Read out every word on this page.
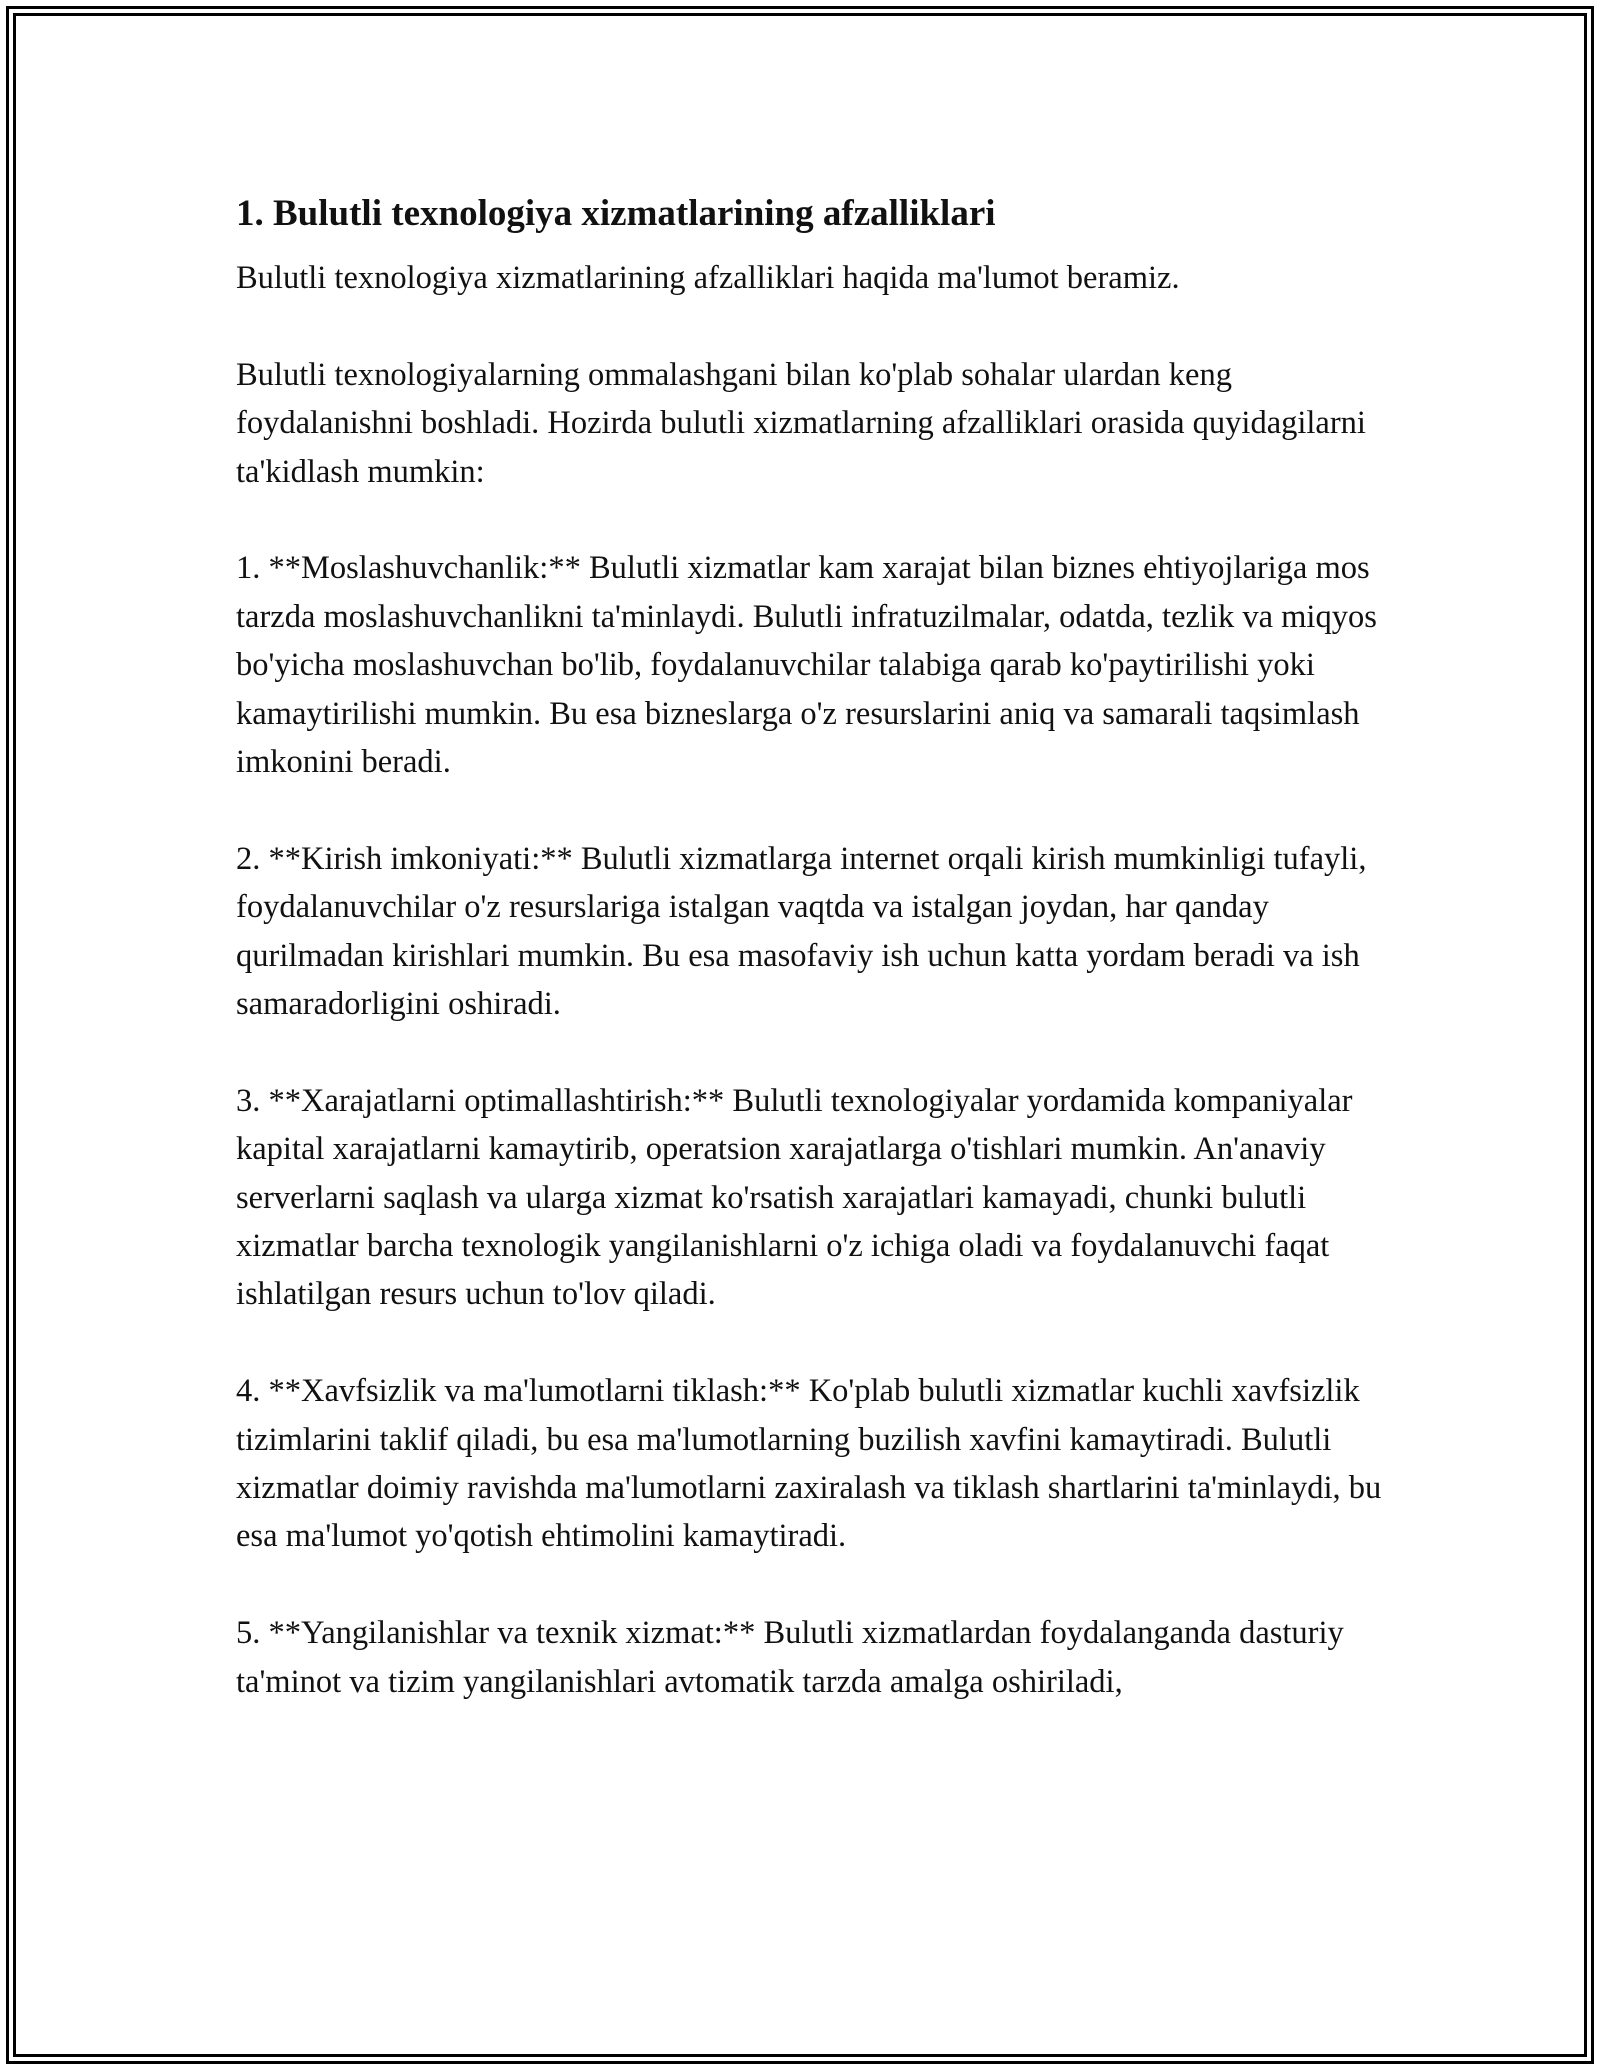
1. Bulutli texnologiya xizmatlarining afzalliklari

Bulutli texnologiya xizmatlarining afzalliklari haqida ma'lumot beramiz.

Bulutli texnologiyalarning ommalashgani bilan ko'plab sohalar ulardan keng foydalanishni boshladi. Hozirda bulutli xizmatlarning afzalliklari orasida quyidagilarni ta'kidlash mumkin:

1. **Moslashuvchanlik:** Bulutli xizmatlar kam xarajat bilan biznes ehtiyojlariga mos tarzda moslashuvchanlikni ta'minlaydi. Bulutli infratuzilmalar, odatda, tezlik va miqyos bo'yicha moslashuvchan bo'lib, foydalanuvchilar talabiga qarab ko'paytirilishi yoki kamaytirilishi mumkin. Bu esa bizneslarga o'z resurslarini aniq va samarali taqsimlash imkonini beradi.

2. **Kirish imkoniyati:** Bulutli xizmatlarga internet orqali kirish mumkinligi tufayli, foydalanuvchilar o'z resurslariga istalgan vaqtda va istalgan joydan, har qanday qurilmadan kirishlari mumkin. Bu esa masofaviy ish uchun katta yordam beradi va ish samaradorligini oshiradi.

3. **Xarajatlarni optimallashtirish:** Bulutli texnologiyalar yordamida kompaniyalar kapital xarajatlarni kamaytirib, operatsion xarajatlarga o'tishlari mumkin. An'anaviy serverlarni saqlash va ularga xizmat ko'rsatish xarajatlari kamayadi, chunki bulutli xizmatlar barcha texnologik yangilanishlarni o'z ichiga oladi va foydalanuvchi faqat ishlatilgan resurs uchun to'lov qiladi.

4. **Xavfsizlik va ma'lumotlarni tiklash:** Ko'plab bulutli xizmatlar kuchli xavfsizlik tizimlarini taklif qiladi, bu esa ma'lumotlarning buzilish xavfini kamaytiradi. Bulutli xizmatlar doimiy ravishda ma'lumotlarni zaxiralash va tiklash shartlarini ta'minlaydi, bu esa ma'lumot yo'qotish ehtimolini kamaytiradi.

5. **Yangilanishlar va texnik xizmat:** Bulutli xizmatlardan foydalanganda dasturiy ta'minot va tizim yangilanishlari avtomatik tarzda amalga oshiriladi,
